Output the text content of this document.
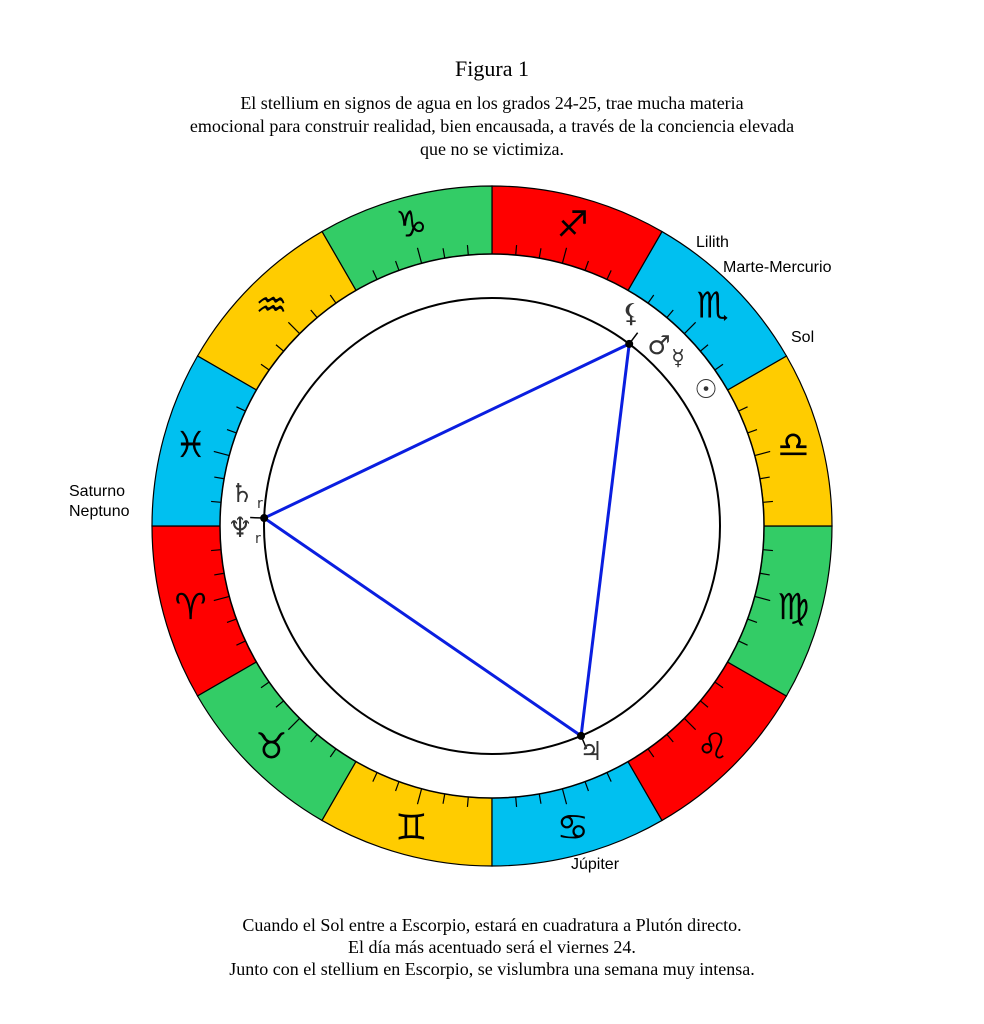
Figura 1
El stellium en signos de agua en los grados 24-25, trae mucha materia
emocional para construir realidad, bien encausada, a través de la conciencia elevada
que no se victimiza.
♈
♉
♊	♋
♌
♍
♎
♏
♐
♑
♒
♓
⚸
♂ ☿
☉
♄ r
♆ r
♃
Lilith
Marte-Mercurio
Sol
Saturno
Neptuno
Júpiter
Cuando el Sol entre a Escorpio, estará en cuadratura a Plutón directo.
El día más acentuado será el viernes 24.
Junto con el stellium en Escorpio, se vislumbra una semana muy intensa.
